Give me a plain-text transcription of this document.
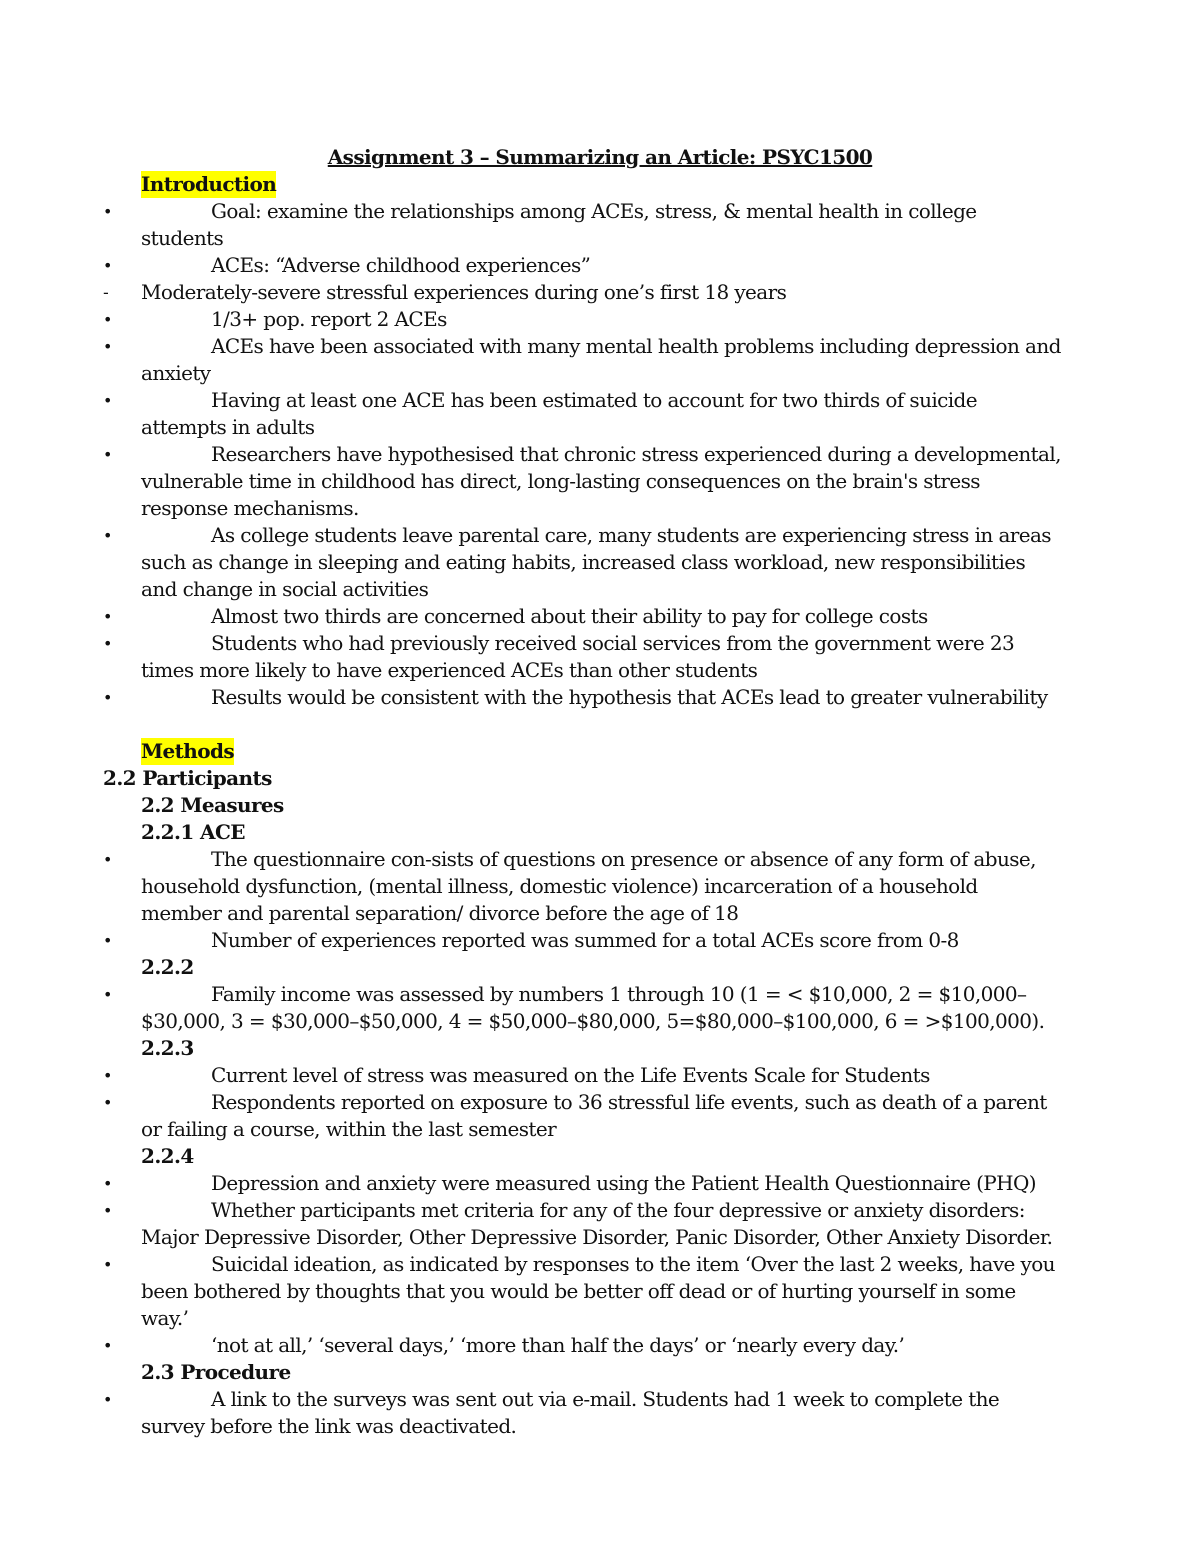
Assignment 3 – Summarizing an Article: PSYC1500
Introduction
•	Goal: examine the relationships among ACEs, stress, & mental health in college students
•	ACEs: “Adverse childhood experiences”
-	Moderately-severe stressful experiences during one’s first 18 years
•	1/3+ pop. report 2 ACEs
•	ACEs have been associated with many mental health problems including depression and anxiety
•	Having at least one ACE has been estimated to account for two thirds of suicide attempts in adults
•	Researchers have hypothesised that chronic stress experienced during a developmental, vulnerable time in childhood has direct, long-lasting consequences on the brain's stress response mechanisms.
•	As college students leave parental care, many students are experiencing stress in areas such as change in sleeping and eating habits, increased class workload, new responsibilities and change in social activities
•	Almost two thirds are concerned about their ability to pay for college costs
•	Students who had previously received social services from the government were 23 times more likely to have experienced ACEs than other students
•	Results would be consistent with the hypothesis that ACEs lead to greater vulnerability
Methods
2.2 Participants
2.2 Measures
2.2.1 ACE
•	The questionnaire con-sists of questions on presence or absence of any form of abuse, household dysfunction, (mental illness, domestic violence) incarceration of a household member and parental separation/ divorce before the age of 18
•	Number of experiences reported was summed for a total ACEs score from 0-8
2.2.2
•	Family income was assessed by numbers 1 through 10 (1 = < $10,000, 2 = $10,000–$30,000, 3 = $30,000–$50,000, 4 = $50,000–$80,000, 5=$80,000–$100,000, 6 = >$100,000).
2.2.3
•	Current level of stress was measured on the Life Events Scale for Students
•	Respondents reported on exposure to 36 stressful life events, such as death of a parent or failing a course, within the last semester
2.2.4
•	Depression and anxiety were measured using the Patient Health Questionnaire (PHQ)
•	Whether participants met criteria for any of the four depressive or anxiety disorders: Major Depressive Disorder, Other Depressive Disorder, Panic Disorder, Other Anxiety Disorder.
•	Suicidal ideation, as indicated by responses to the item ‘Over the last 2 weeks, have you been bothered by thoughts that you would be better off dead or of hurting yourself in some way.’
•	‘not at all,’ ‘several days,’ ‘more than half the days’ or ‘nearly every day.’
2.3 Procedure
•	A link to the surveys was sent out via e-mail. Students had 1 week to complete the survey before the link was deactivated.
